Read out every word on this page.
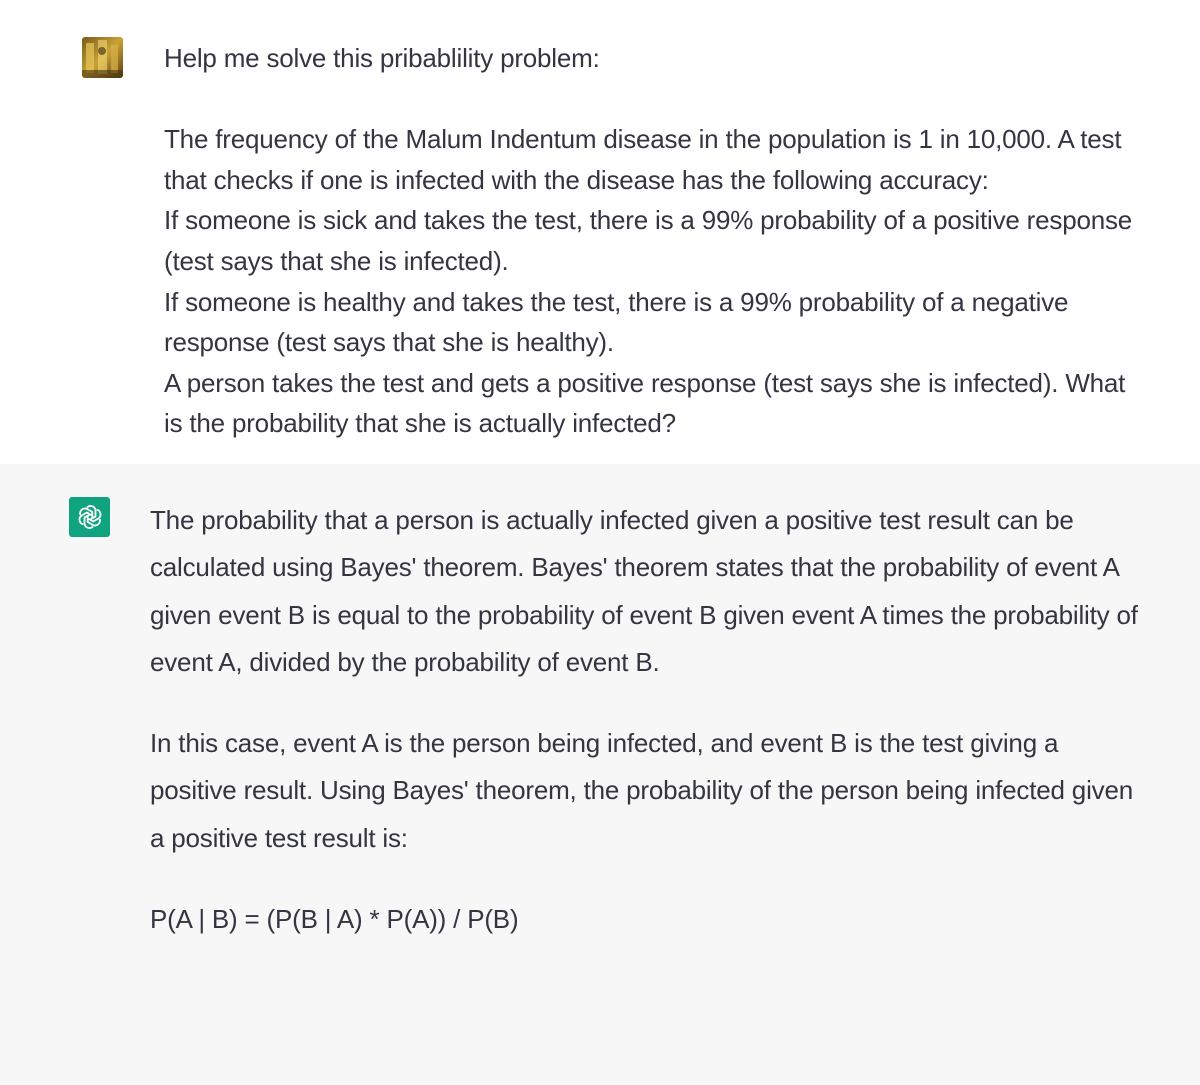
Help me solve this pribablility problem:

The frequency of the Malum Indentum disease in the population is 1 in 10,000. A test that checks if one is infected with the disease has the following accuracy:
If someone is sick and takes the test, there is a 99% probability of a positive response (test says that she is infected).
If someone is healthy and takes the test, there is a 99% probability of a negative response (test says that she is healthy).
A person takes the test and gets a positive response (test says she is infected). What is the probability that she is actually infected?

The probability that a person is actually infected given a positive test result can be calculated using Bayes' theorem. Bayes' theorem states that the probability of event A given event B is equal to the probability of event B given event A times the probability of event A, divided by the probability of event B.

In this case, event A is the person being infected, and event B is the test giving a positive result. Using Bayes' theorem, the probability of the person being infected given a positive test result is:

P(A | B) = (P(B | A) * P(A)) / P(B)
